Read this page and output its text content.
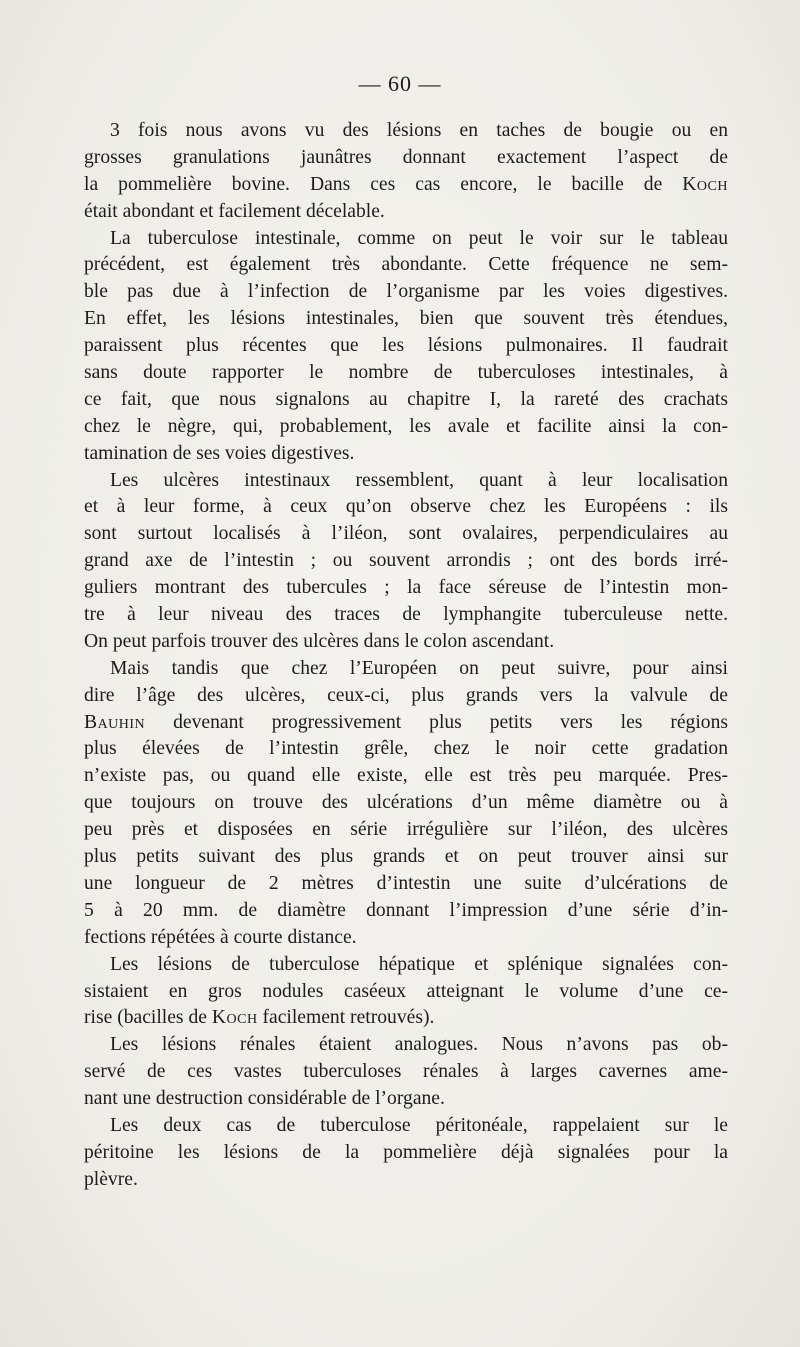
— 60 —
3 fois nous avons vu des lésions en taches de bougie ou en
grosses granulations jaunâtres donnant exactement l’aspect de
la pommelière bovine. Dans ces cas encore, le bacille de Koch
était abondant et facilement décelable.
La tuberculose intestinale, comme on peut le voir sur le tableau
précédent, est également très abondante. Cette fréquence ne sem-
ble pas due à l’infection de l’organisme par les voies digestives.
En effet, les lésions intestinales, bien que souvent très étendues,
paraissent plus récentes que les lésions pulmonaires. Il faudrait
sans doute rapporter le nombre de tuberculoses intestinales, à
ce fait, que nous signalons au chapitre I, la rareté des crachats
chez le nègre, qui, probablement, les avale et facilite ainsi la con-
tamination de ses voies digestives.
Les ulcères intestinaux ressemblent, quant à leur localisation
et à leur forme, à ceux qu’on observe chez les Européens : ils
sont surtout localisés à l’iléon, sont ovalaires, perpendiculaires au
grand axe de l’intestin ; ou souvent arrondis ; ont des bords irré-
guliers montrant des tubercules ; la face séreuse de l’intestin mon-
tre à leur niveau des traces de lymphangite tuberculeuse nette.
On peut parfois trouver des ulcères dans le colon ascendant.
Mais tandis que chez l’Européen on peut suivre, pour ainsi
dire l’âge des ulcères, ceux-ci, plus grands vers la valvule de
Bauhin devenant progressivement plus petits vers les régions
plus élevées de l’intestin grêle, chez le noir cette gradation
n’existe pas, ou quand elle existe, elle est très peu marquée. Pres-
que toujours on trouve des ulcérations d’un même diamètre ou à
peu près et disposées en série irrégulière sur l’iléon, des ulcères
plus petits suivant des plus grands et on peut trouver ainsi sur
une longueur de 2 mètres d’intestin une suite d’ulcérations de
5 à 20 mm. de diamètre donnant l’impression d’une série d’in-
fections répétées à courte distance.
Les lésions de tuberculose hépatique et splénique signalées con-
sistaient en gros nodules caséeux atteignant le volume d’une ce-
rise (bacilles de Koch facilement retrouvés).
Les lésions rénales étaient analogues. Nous n’avons pas ob-
servé de ces vastes tuberculoses rénales à larges cavernes ame-
nant une destruction considérable de l’organe.
Les deux cas de tuberculose péritonéale, rappelaient sur le
péritoine les lésions de la pommelière déjà signalées pour la
plèvre.
